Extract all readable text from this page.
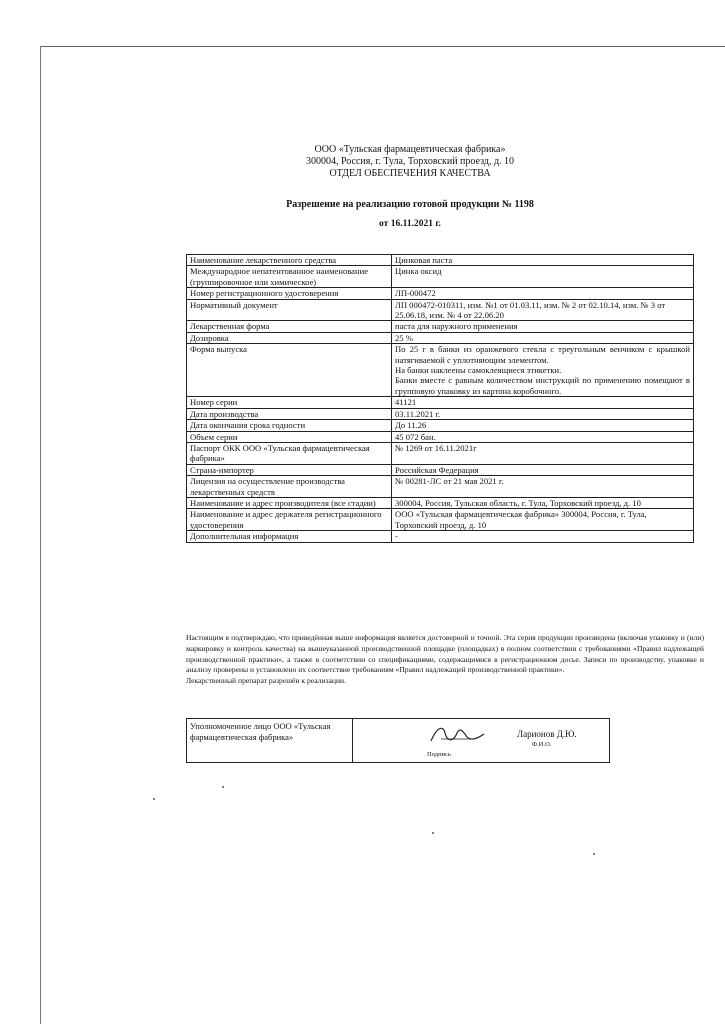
ООО «Тульская фармацевтическая фабрика»
300004, Россия, г. Тула, Торховский проезд, д. 10
ОТДЕЛ ОБЕСПЕЧЕНИЯ КАЧЕСТВА
Разрешение на реализацию готовой продукции № 1198
от 16.11.2021 г.
Наименование лекарственного средства	Цинковая паста
Международное непатентованное наименование (группировочное или химическое)	Цинка оксид
Номер регистрационного удостоверения	ЛП-000472
Нормативный документ	ЛП 000472-010311, изм. №1 от 01.03.11, изм. № 2 от 02.10.14, изм. № 3 от 25.06.18, изм. № 4 от 22.06.20
Лекарственная форма	паста для наружного применения
Дозировка	25 %
Форма выпуска	По 25 г в банки из оранжевого стекла с треугольным венчиком с крышкой натягиваемой с уплотняющим элементом.
На банки наклеены самоклеящиеся этикетки.
Банки вместе с равным количеством инструкций по применению помещают в групповую упаковку из картона коробочного.

Номер серии	41121
Дата производства	03.11.2021 г.
Дата окончания срока годности	До 11.26
Объем серии	45 072 бан.
Паспорт ОКК ООО «Тульская фармацевтическая фабрика»	№ 1269 от 16.11.2021г
Страна-импортер	Российская Федерация
Лицензия на осуществление производства лекарственных средств	№ 00281-ЛС от 21 мая 2021 г.
Наименование и адрес производителя (все стадии)	300004, Россия, Тульская область, г. Тула, Торховский проезд, д. 10
Наименование и адрес держателя регистрационного удостоверения	ООО «Тульская фармацевтическая фабрика» 300004, Россия, г. Тула, Торховский проезд, д. 10
Дополнительная информация	-

Настоящим я подтверждаю, что приведённая выше информация является достоверной и точной. Эта серия продукции произведена (включая упаковку и (или) маркировку и контроль качества) на вышеуказанной производственной площадке (площадках) в полном соответствии с требованиями «Правил надлежащей производственной практики», а также в соответствии со спецификациями, содержащимися в регистрационном досье. Записи по производству, упаковке и анализу проверены и установлено их соответствие требованиям «Правил надлежащей производственной практики».

Лекарственный препарат разрешён к реализации.

Уполномоченное лицо ООО «Тульская фармацевтическая фабрика»
Подпись
Ларионов Д.Ю.
Ф.И.О.
